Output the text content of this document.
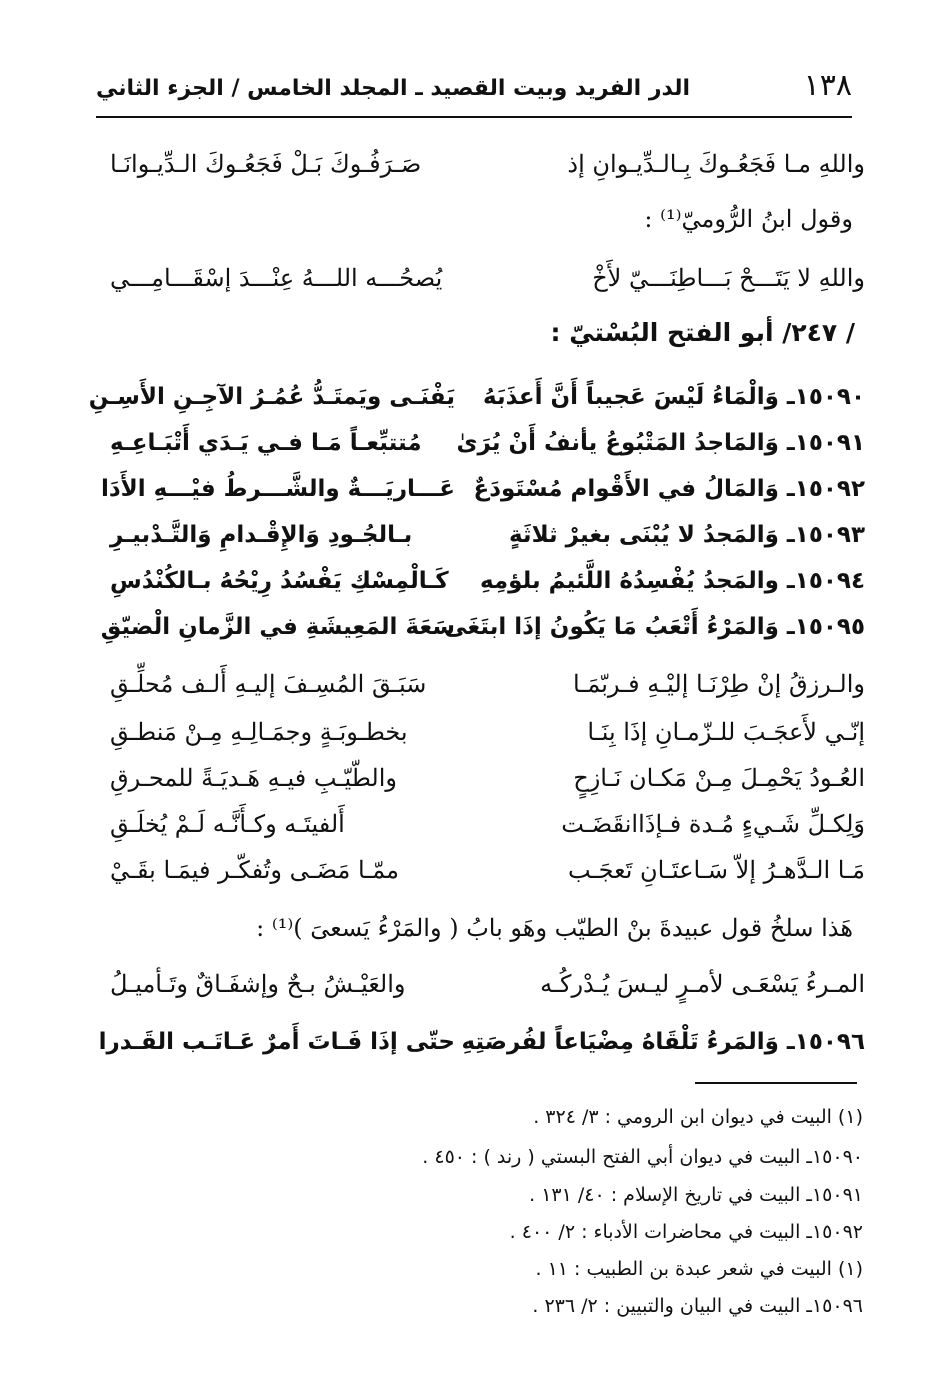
١٣٨
الدر الفريد وبيت القصيد ـ المجلد الخامس / الجزء الثاني
واللهِ مـا فَجَعُـوكَ بِـالـدِّيـوانِ إذ
صَـرَفُـوكَ بَـلْ فَجَعُـوكَ الـدِّيـوانَـا
وقول ابنُ الرُّوميّ⁽¹⁾ :
واللهِ لا يَتَـــحْ بَـــاطِنَـــيّ لأَخْ
يُصحُـــه اللـــهُ عِنْـــدَ إسْقَـــامِـــي
/ ٢٤٧/ أبو الفتح البُسْتيّ :
١٥٠٩٠ـ وَالْمَاءُ لَيْسَ عَجيباً أَنَّ أَعذَبَهُ
يَفْنَـى ويَمتَـدُّ عُمُـرُ الآجِـنِ الأَسِـنِ
١٥٠٩١ـ وَالمَاجدُ المَتْبُوعُ يأنفُ أَنْ يُرَىٰ
مُتتبِّعـاً مَـا فـي يَـدَي أَتْبَـاعِـهِ
١٥٠٩٢ـ وَالمَالُ في الأَقْوام مُسْتَودَعٌ
عَـــاريَـــةٌ والشَّـــرطُ فيْـــهِ الأَدَا
١٥٠٩٣ـ وَالمَجدُ لا يُبْنَى بغيرْ ثلاثَةٍ
بـالجُـودِ وَالإِقْـدامِ وَالتَّـدْبيـرِ
١٥٠٩٤ـ والمَجدُ يُفْسِدُهُ اللَّئيمُ بلؤمِهِ
كَـالْمِسْكِ يَفْسُدُ رِيْحُهُ بـالكُنْدُسِ
١٥٠٩٥ـ وَالمَرْءُ أَتْعَبُ مَا يَكُونُ إذَا ابتَغَى
سَعَةَ المَعِيشَةِ في الزَّمانِ الْضيّقِ
والـرزقُ إنْ طِرْنَـا إليْـهِ فـربّمَـا
سَبَـقَ المُسِـفَ إليـهِ أَلـف مُحلِّـقِ
إنّـي لأَعجَـبَ للـزّمـانِ إذَا بِنَـا
بخطـوبَـةٍ وجمَـالِـهِ مِـنْ مَنطـقِ
العُـودُ يَحْمِـلَ مِـنْ مَكـان نَـازِحٍ
والطّيّـبِ فيـهِ هَـديَـةً للمحـرقِ
وَلِكـلِّ شَـيءٍ مُـدة فـإذَاانقَضَـت
أَلفيتَـه وكـأَنَّـه لَـمْ يُخلَـقِ
مَـا الـدَّهـرُ إلاّ سَـاعتَـانِ تَعجَـب
ممّـا مَضَـى وتُفكّـر فيمَـا بقَـيْ
هَذا سلخُ قول عبيدةَ بنْ الطيّب وهَو بابُ ( والمَرْءُ يَسعىَ )⁽¹⁾ :
المـرءُ يَسْعَـى لأمـرٍ ليـسَ يُـدْركُـه
والعَيْـشُ بـحٌ وإشفَـاقٌ وتَـأميـلُ
١٥٠٩٦ـ وَالمَرءُ تَلْقَاهُ مِضْيَاعاً لفُرصَتِهِ
حتّى إذَا فَـاتَ أَمرٌ عَـاتَـب القَـدرا
(١) البيت في ديوان ابن الرومي : ٣/ ٣٢٤ .
١٥٠٩٠ـ البيت في ديوان أبي الفتح البستي ( رند ) : ٤٥٠ .
١٥٠٩١ـ البيت في تاريخ الإسلام : ٤٠/ ١٣١ .
١٥٠٩٢ـ البيت في محاضرات الأدباء : ٢/ ٤٠٠ .
(١) البيت في شعر عبدة بن الطبيب : ١١ .
١٥٠٩٦ـ البيت في البيان والتبيين : ٢/ ٢٣٦ .
